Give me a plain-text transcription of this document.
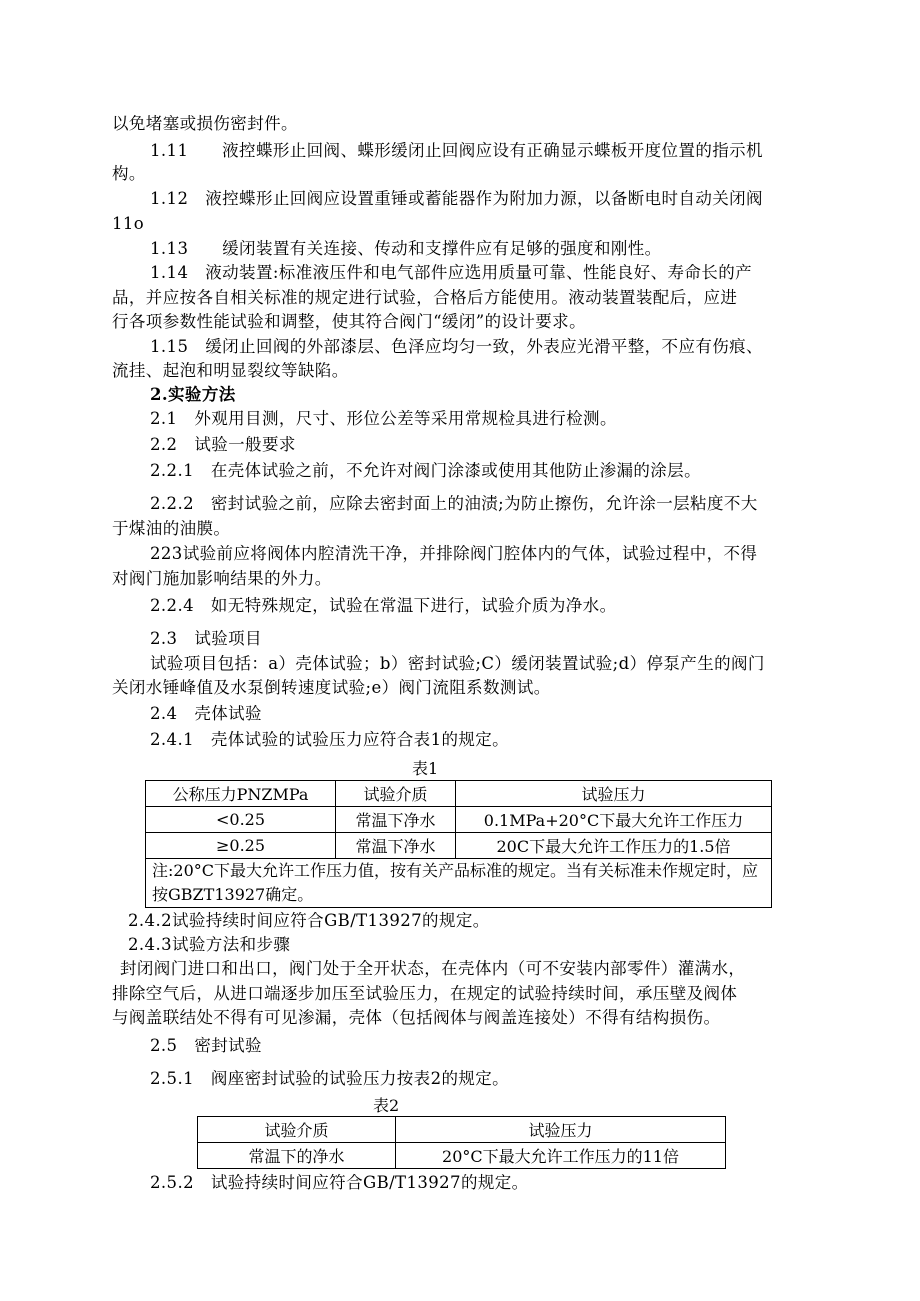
以免堵塞或损伤密封件。
1.11　　液控蝶形止回阀、蝶形缓闭止回阀应设有正确显示蝶板开度位置的指示机
构。
1.12　液控蝶形止回阀应设置重锤或蓄能器作为附加力源，以备断电时自动关闭阀
11o
1.13　　缓闭装置有关连接、传动和支撑件应有足够的强度和刚性。
1.14　液动装置:标准液压件和电气部件应选用质量可靠、性能良好、寿命长的产
品，并应按各自相关标准的规定进行试验，合格后方能使用。液动装置装配后，应进
行各项参数性能试验和调整，使其符合阀门“缓闭”的设计要求。
1.15　缓闭止回阀的外部漆层、色泽应均匀一致，外表应光滑平整，不应有伤痕、
流挂、起泡和明显裂纹等缺陷。
2.实验方法
2.1　外观用目测，尺寸、形位公差等采用常规检具进行检测。
2.2　试验一般要求
2.2.1　在壳体试验之前，不允许对阀门涂漆或使用其他防止渗漏的涂层。
2.2.2　密封试验之前，应除去密封面上的油渍;为防止擦伤，允许涂一层粘度不大
于煤油的油膜。
223试验前应将阀体内腔清洗干净，并排除阀门腔体内的气体，试验过程中，不得
对阀门施加影响结果的外力。
2.2.4　如无特殊规定，试验在常温下进行，试验介质为净水。
2.3　试验项目
试验项目包括：a）壳体试验；b）密封试验;C）缓闭装置试验;d）停泵产生的阀门
关闭水锤峰值及水泵倒转速度试验;e）阀门流阻系数测试。
2.4　壳体试验
2.4.1　壳体试验的试验压力应符合表1的规定。
表1
公称压力PNZMPa	试验介质	试验压力
<0.25	常温下净水	0.1MPa+20°C下最大允许工作压力
≥0.25	常温下净水	20C下最大允许工作压力的1.5倍
注:20°C下最大允许工作压力值，按有关产品标准的规定。当有关标准未作规定时，应按GBZT13927确定。		
2.4.2试验持续时间应符合GB/T13927的规定。
2.4.3试验方法和步骤
封闭阀门进口和出口，阀门处于全开状态，在壳体内（可不安装内部零件）灌满水，
排除空气后，从进口端逐步加压至试验压力，在规定的试验持续时间，承压壁及阀体
与阀盖联结处不得有可见渗漏，壳体（包括阀体与阀盖连接处）不得有结构损伤。
2.5　密封试验
2.5.1　阀座密封试验的试验压力按表2的规定。
表2
试验介质	试验压力
常温下的净水	20°C下最大允许工作压力的11倍
2.5.2　试验持续时间应符合GB/T13927的规定。
